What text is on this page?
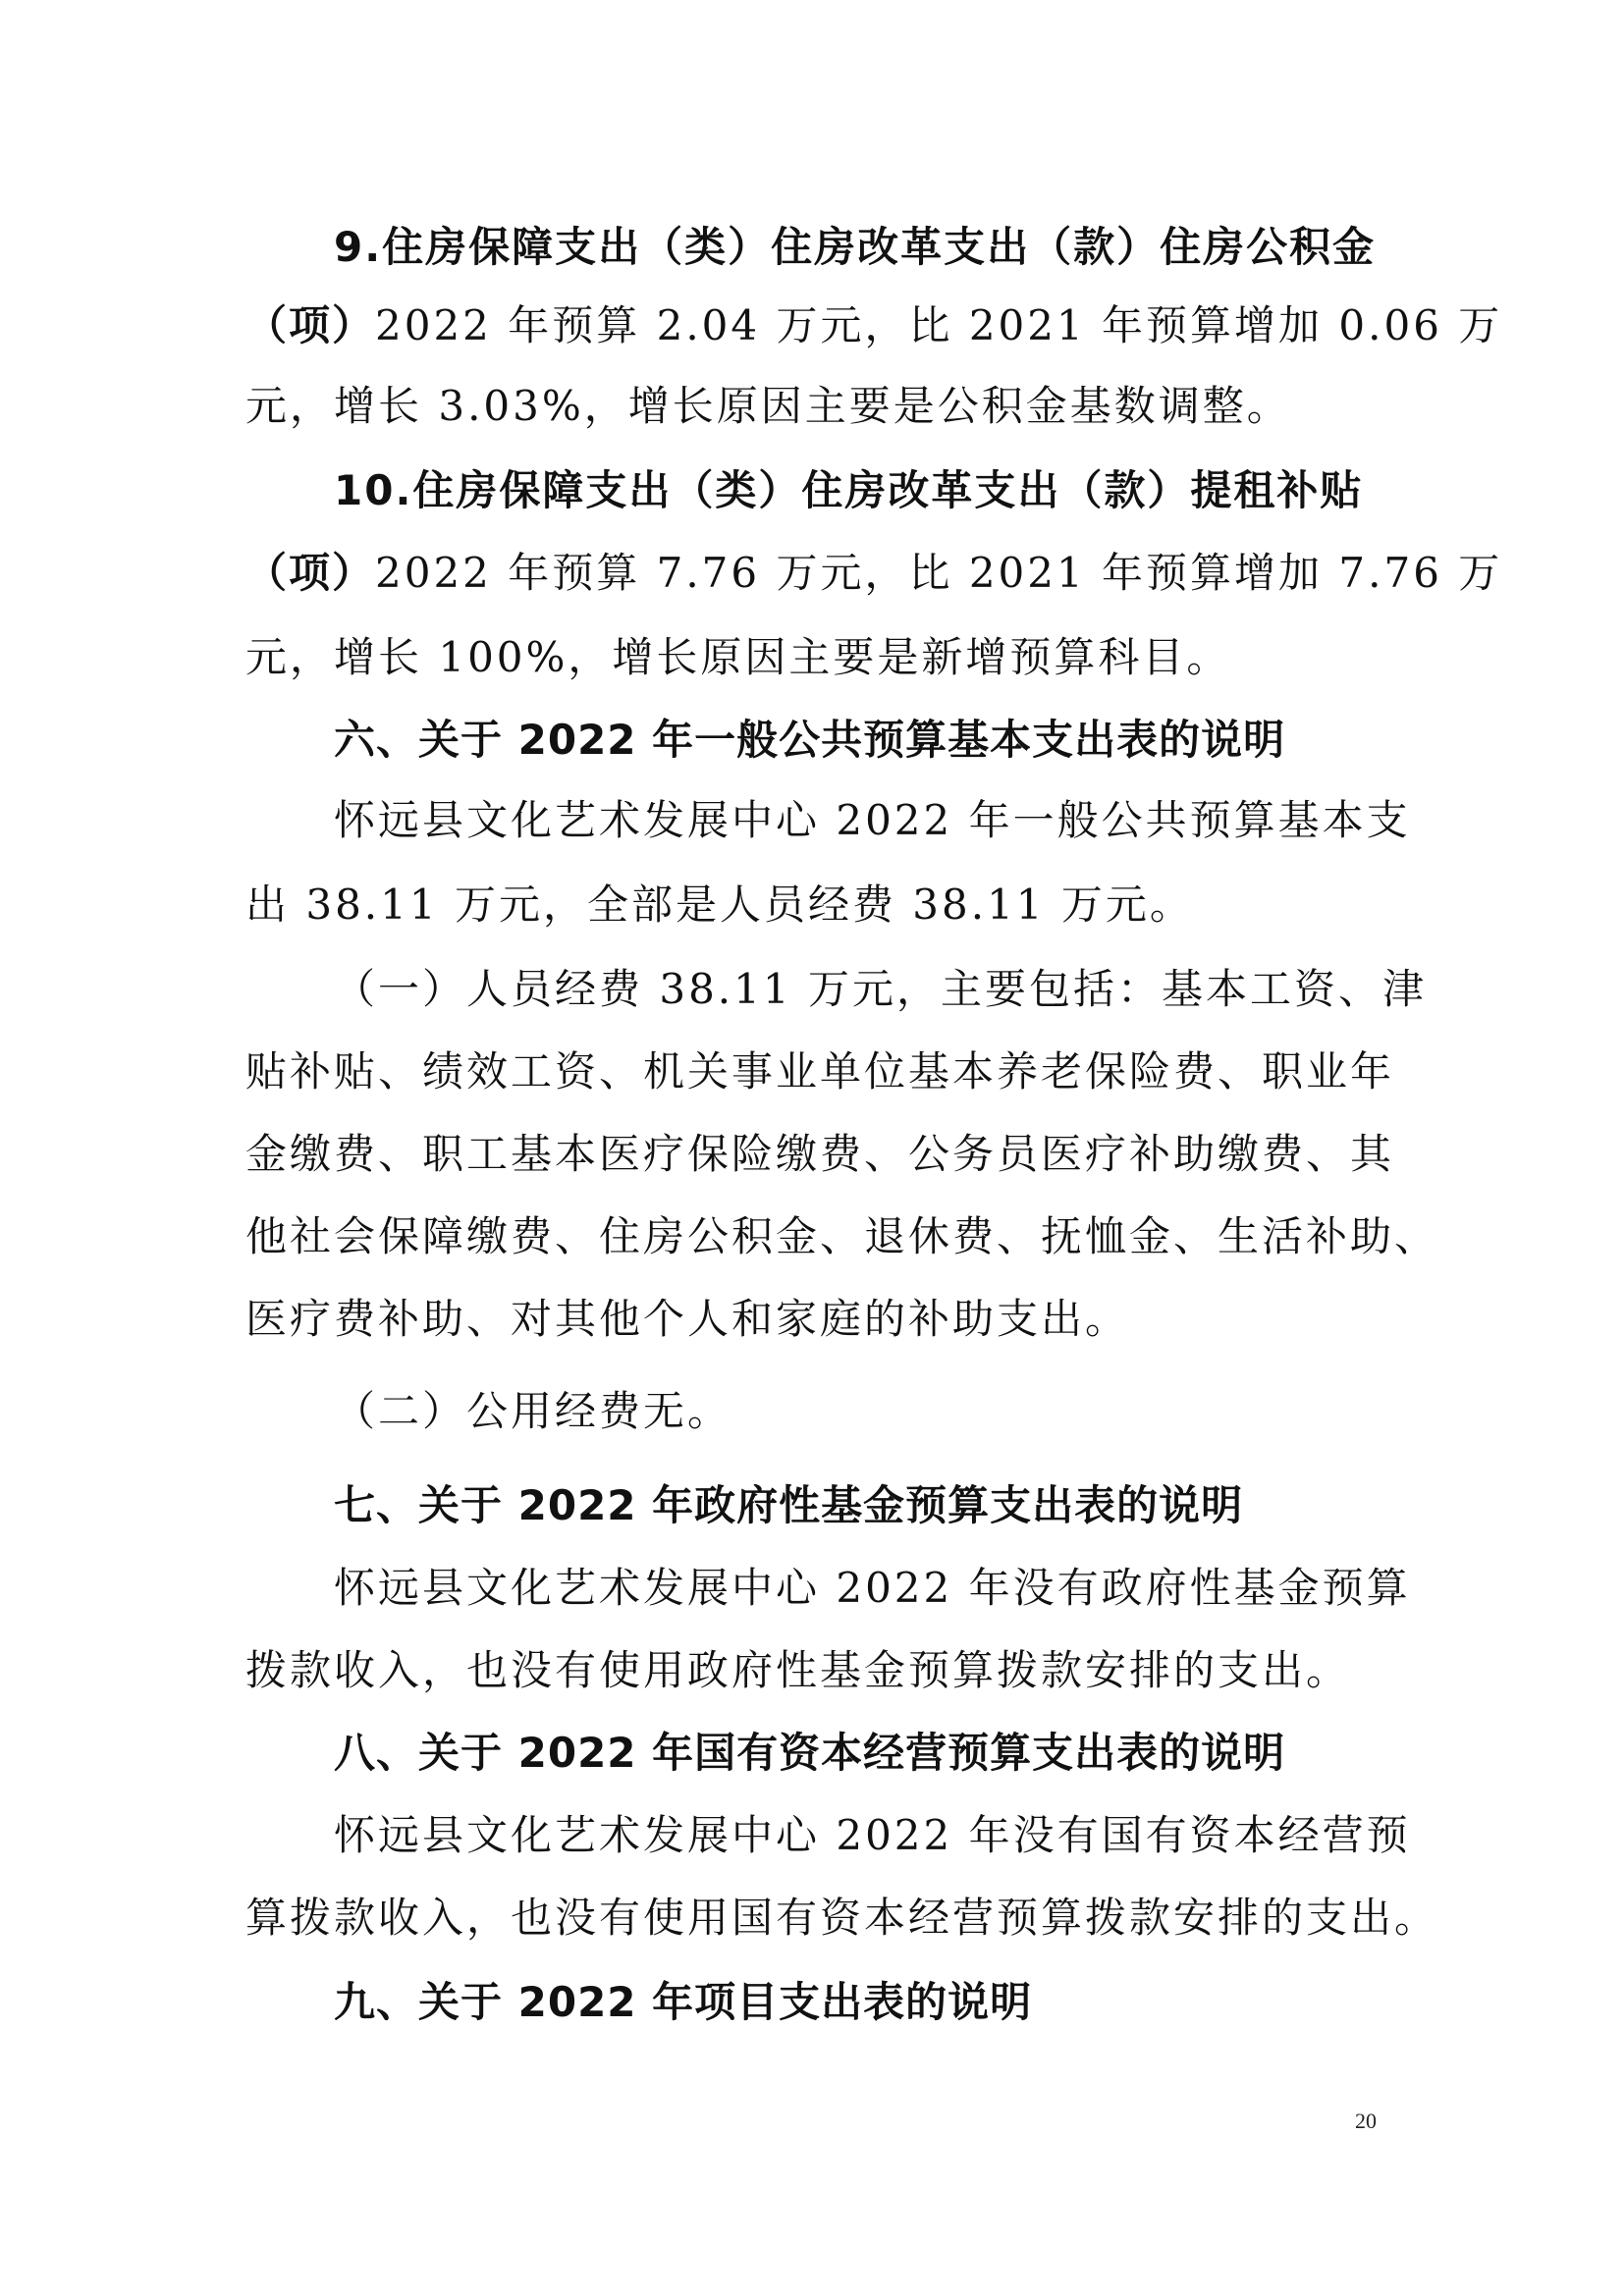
9.住房保障支出（类）住房改革支出（款）住房公积金
（项）2022 年预算 2.04 万元，比 2021 年预算增加 0.06 万
元，增长 3.03%，增长原因主要是公积金基数调整。
10.住房保障支出（类）住房改革支出（款）提租补贴
（项）2022 年预算 7.76 万元，比 2021 年预算增加 7.76 万
元，增长 100%，增长原因主要是新增预算科目。
六、关于 2022 年一般公共预算基本支出表的说明
怀远县文化艺术发展中心 2022 年一般公共预算基本支
出 38.11 万元，全部是人员经费 38.11 万元。
（一）人员经费 38.11 万元，主要包括：基本工资、津
贴补贴、绩效工资、机关事业单位基本养老保险费、职业年
金缴费、职工基本医疗保险缴费、公务员医疗补助缴费、其
他社会保障缴费、住房公积金、退休费、抚恤金、生活补助、
医疗费补助、对其他个人和家庭的补助支出。
（二）公用经费无。
七、关于 2022 年政府性基金预算支出表的说明
怀远县文化艺术发展中心 2022 年没有政府性基金预算
拨款收入，也没有使用政府性基金预算拨款安排的支出。
八、关于 2022 年国有资本经营预算支出表的说明
怀远县文化艺术发展中心 2022 年没有国有资本经营预
算拨款收入，也没有使用国有资本经营预算拨款安排的支出。
九、关于 2022 年项目支出表的说明
20
